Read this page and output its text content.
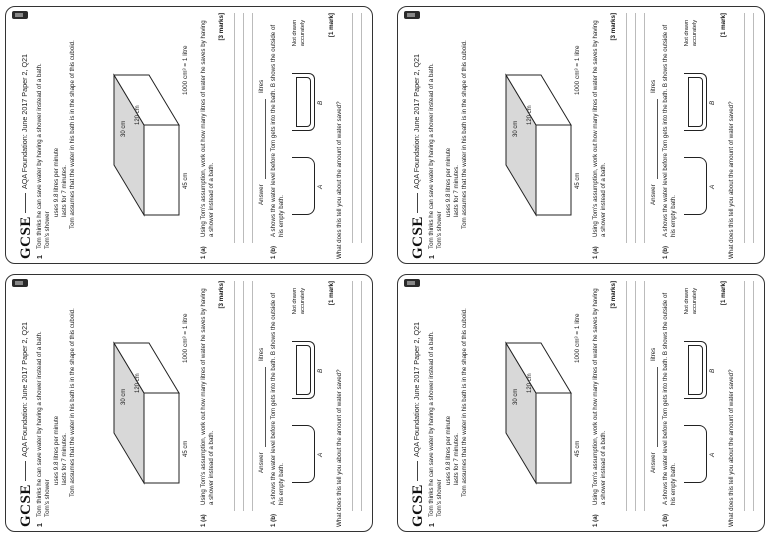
GCSE
AQA Foundation: June 2017 Paper 2, Q21
1

Tom thinks he can save water by having a shower instead of a bath. Tom's shower

uses 9.8 litres per minute lasts for 7 minutes. Tom assumes that the water in his bath is in the shape of this cuboid.	30 cm
120 cm
45 cm
1000 cm³ = 1 litre
1 (a)
Using Tom's assumption, work out how many litres of water he saves by having a shower instead of a bath.
[3 marks]
Answer  litres
1 (b)
A shows the water level before Tom gets into the bath. B shows the outside of his empty bath.
A
B
Not drawn accurately	[1 mark]
What does this tell you about the amount of water saved?	GCSE
AQA Foundation: June 2017 Paper 2, Q21
1

Tom thinks he can save water by having a shower instead of a bath. Tom's shower

uses 9.8 litres per minute lasts for 7 minutes. Tom assumes that the water in his bath is in the shape of this cuboid.	30 cm
120 cm
45 cm
1000 cm³ = 1 litre
1 (a)
Using Tom's assumption, work out how many litres of water he saves by having a shower instead of a bath.
[3 marks]
Answer  litres
1 (b)
A shows the water level before Tom gets into the bath. B shows the outside of his empty bath.
A
B
Not drawn accurately	[1 mark]
What does this tell you about the amount of water saved?
GCSE
AQA Foundation: June 2017 Paper 2, Q21
1

Tom thinks he can save water by having a shower instead of a bath. Tom's shower

uses 9.8 litres per minute lasts for 7 minutes. Tom assumes that the water in his bath is in the shape of this cuboid.	30 cm
120 cm
45 cm
1000 cm³ = 1 litre
1 (a)
Using Tom's assumption, work out how many litres of water he saves by having a shower instead of a bath.
[3 marks]
Answer  litres
1 (b)
A shows the water level before Tom gets into the bath. B shows the outside of his empty bath.
A
B
Not drawn accurately	[1 mark]
What does this tell you about the amount of water saved?	GCSE
AQA Foundation: June 2017 Paper 2, Q21
1

Tom thinks he can save water by having a shower instead of a bath. Tom's shower

uses 9.8 litres per minute lasts for 7 minutes. Tom assumes that the water in his bath is in the shape of this cuboid.	30 cm
120 cm
45 cm
1000 cm³ = 1 litre
1 (a)
Using Tom's assumption, work out how many litres of water he saves by having a shower instead of a bath.
[3 marks]
Answer  litres
1 (b)
A shows the water level before Tom gets into the bath. B shows the outside of his empty bath.
A
B
Not drawn accurately	[1 mark]
What does this tell you about the amount of water saved?
